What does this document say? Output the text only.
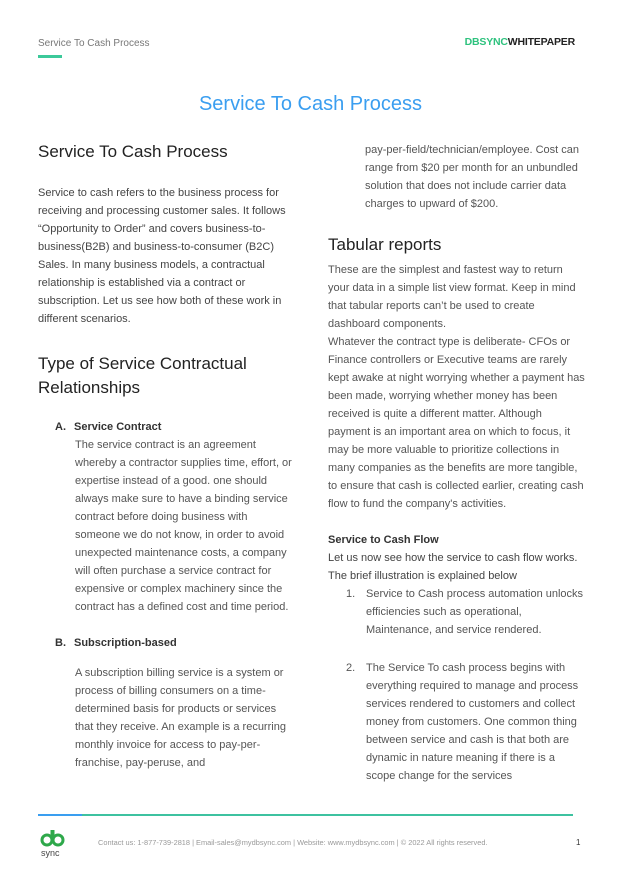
Service To Cash Process	DBSYNCWHITEPAPER
Service To Cash Process
Service To Cash Process

Service to cash refers to the business process for receiving and processing customer sales. It follows “Opportunity to Order” and covers business-to-business(B2B) and business-to-consumer (B2C) Sales. In many business models, a contractual relationship is established via a contract or subscription. Let us see how both of these work in different scenarios.

Type of Service Contractual Relationships
A. Service Contract
The service contract is an agreement whereby a contractor supplies time, effort, or expertise instead of a good. one should always make sure to have a binding service contract before doing business with someone we do not know, in order to avoid unexpected maintenance costs, a company will often purchase a service contract for expensive or complex machinery since the contract has a defined cost and time period.
B. Subscription-based
A subscription billing service is a system or process of billing consumers on a time-determined basis for products or services that they receive. An example is a recurring monthly invoice for access to pay-per-franchise, pay-peruse, and
pay-per-field/technician/employee. Cost can range from $20 per month for an unbundled solution that does not include carrier data charges to upward of $200.
Tabular reports

These are the simplest and fastest way to return your data in a simple list view format. Keep in mind that tabular reports can’t be used to create dashboard components.

Whatever the contract type is deliberate- CFOs or Finance controllers or Executive teams are rarely kept awake at night worrying whether a payment has been made, worrying whether money has been received is quite a different matter. Although payment is an important area on which to focus, it may be more valuable to prioritize collections in many companies as the benefits are more tangible, to ensure that cash is collected earlier, creating cash flow to fund the company's activities.

Service to Cash Flow

Let us now see how the service to cash flow works. The brief illustration is explained below

1. Service to Cash process automation unlocks efficiencies such as operational, Maintenance, and service rendered.
2. The Service To cash process begins with everything required to manage and process services rendered to customers and collect money from customers. One common thing between service and cash is that both are dynamic in nature meaning if there is a scope change for the services
sync
Contact us: 1-877-739-2818 | Email-sales@mydbsync.com | Website: www.mydbsync.com | © 2022 All rights reserved.	1
